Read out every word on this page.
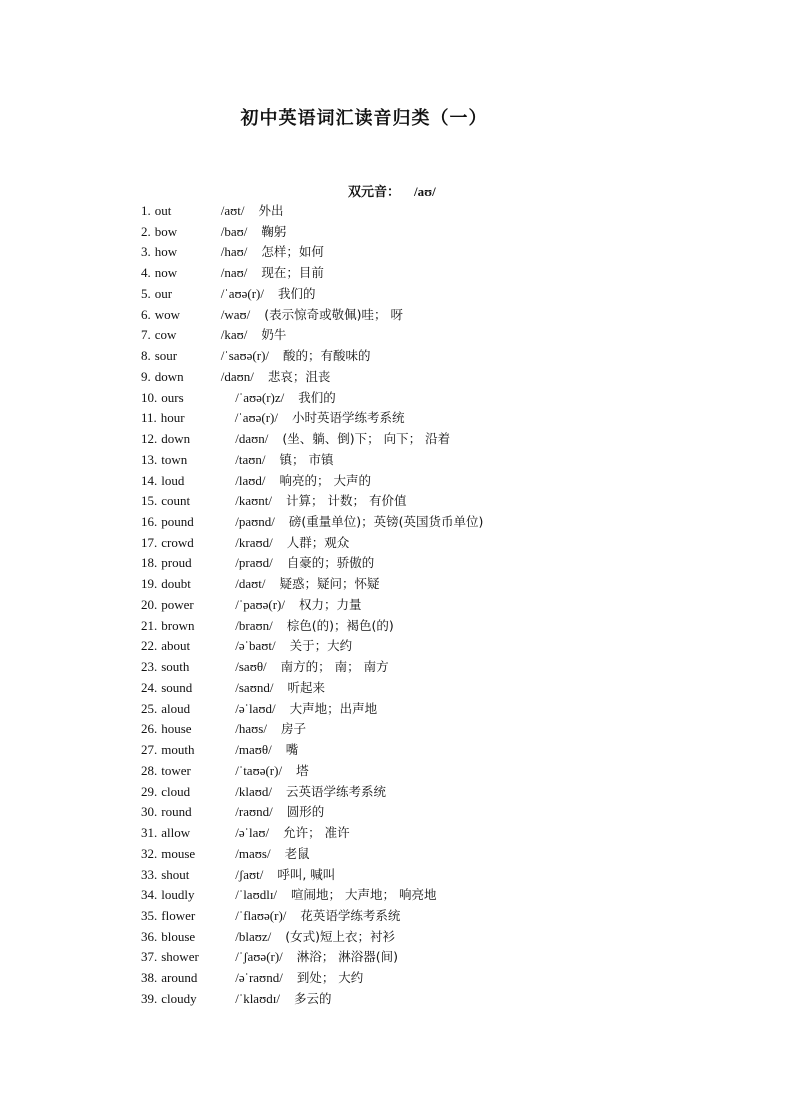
初中英语词汇读音归类（一）
双元音： /aʊ/
1. out	/aʊt/ 外出
2. bow	/baʊ/ 鞠躬
3. how	/haʊ/ 怎样；如何
4. now	/naʊ/ 现在；目前
5. our	/ˈaʊə(r)/ 我们的
6. wow	/waʊ/ (表示惊奇或敬佩)哇； 呀
7. cow	/kaʊ/ 奶牛
8. sour	/ˈsaʊə(r)/ 酸的；有酸味的
9. down	/daʊn/ 悲哀；沮丧
10. ours	/ˈaʊə(r)z/ 我们的
11. hour	/ˈaʊə(r)/ 小时英语学练考系统
12. down	/daʊn/ (坐、躺、倒)下； 向下； 沿着
13. town	/taʊn/ 镇； 市镇
14. loud	/laʊd/ 响亮的； 大声的
15. count	/kaʊnt/ 计算； 计数； 有价值
16. pound	/paʊnd/ 磅(重量单位)；英镑(英国货币单位)
17. crowd	/kraʊd/ 人群；观众
18. proud	/praʊd/ 自豪的；骄傲的
19. doubt	/daʊt/ 疑惑；疑问；怀疑
20. power	/ˈpaʊə(r)/ 权力；力量
21. brown	/braʊn/ 棕色(的)；褐色(的)
22. about	/əˈbaʊt/ 关于；大约
23. south	/saʊθ/ 南方的； 南； 南方
24. sound	/saʊnd/ 听起来
25. aloud	/əˈlaʊd/ 大声地；出声地
26. house	/haʊs/ 房子
27. mouth	/maʊθ/ 嘴
28. tower	/ˈtaʊə(r)/ 塔
29. cloud	/klaʊd/ 云英语学练考系统
30. round	/raʊnd/ 圆形的
31. allow	/əˈlaʊ/ 允许； 准许
32. mouse	/maʊs/ 老鼠
33. shout	/ʃaʊt/ 呼叫, 喊叫
34. loudly	/ˈlaʊdlɪ/ 喧闹地； 大声地； 响亮地
35. flower	/ˈflaʊə(r)/ 花英语学练考系统
36. blouse	/blaʊz/ (女式)短上衣；衬衫
37. shower	/ˈʃaʊə(r)/ 淋浴； 淋浴器(间)
38. around	/əˈraʊnd/ 到处； 大约
39. cloudy	/ˈklaʊdɪ/ 多云的
